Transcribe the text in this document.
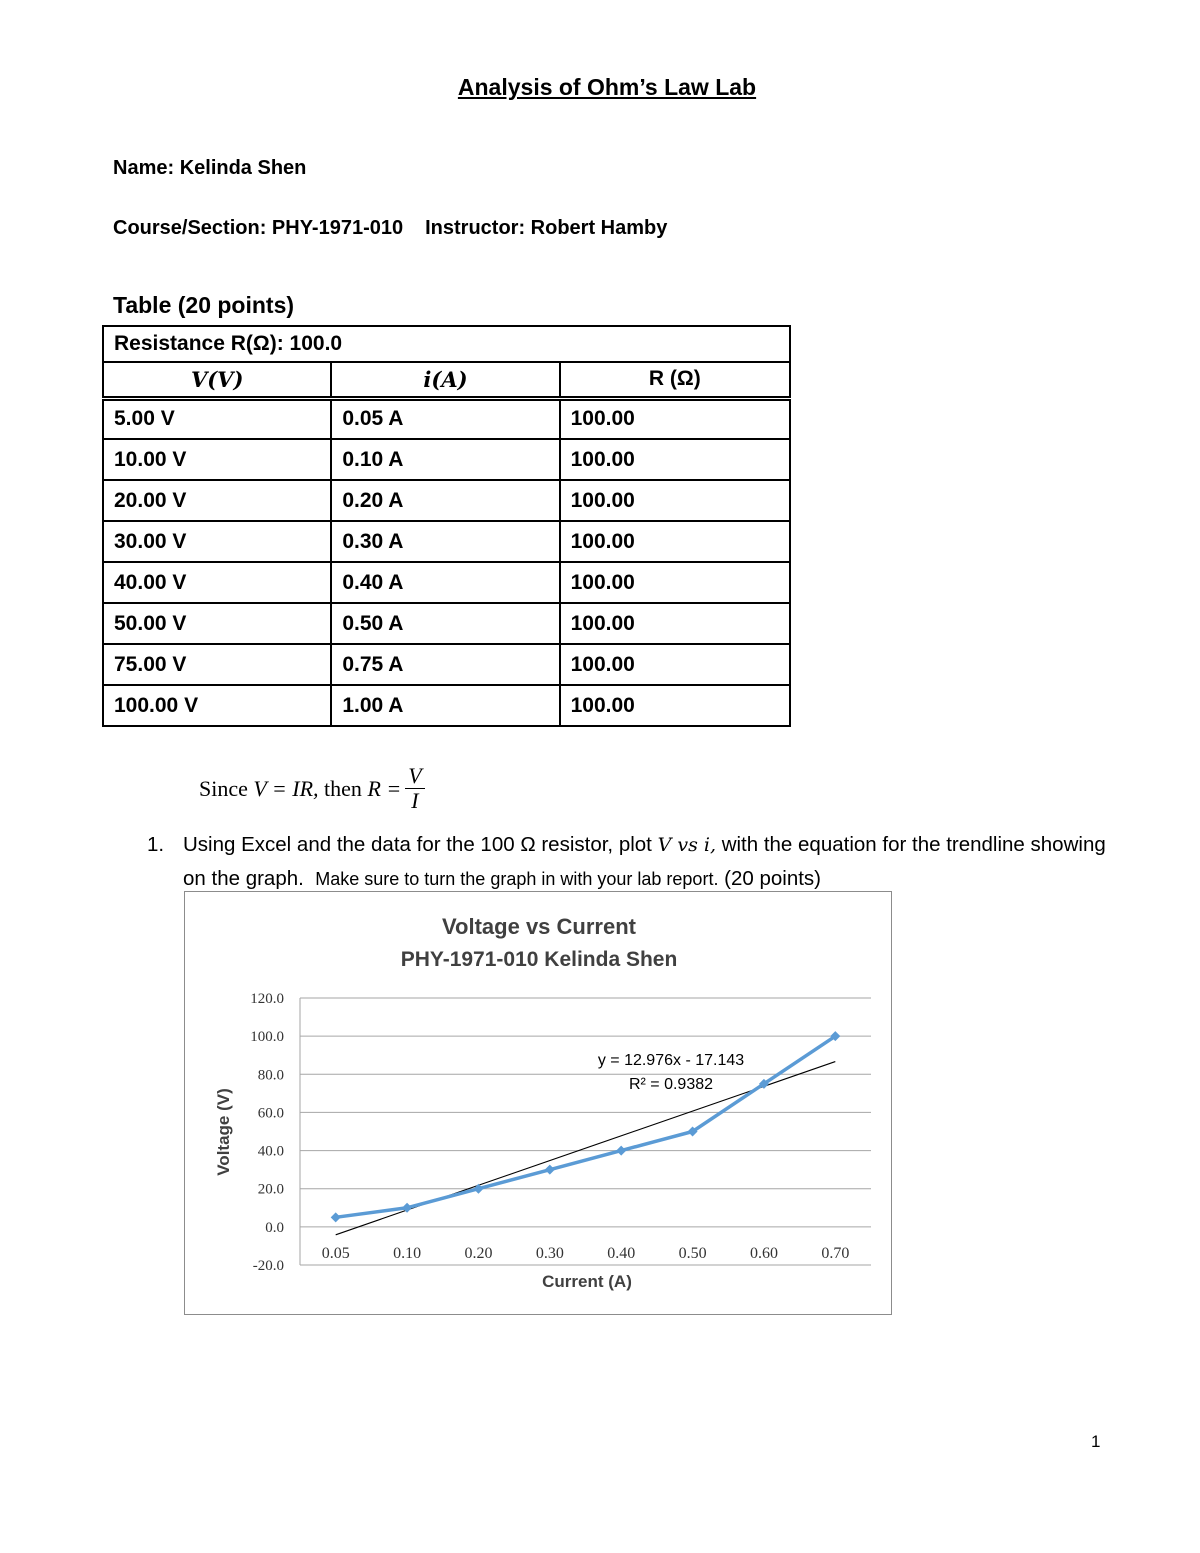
Analysis of Ohm’s Law Lab
Name: Kelinda Shen
Course/Section: PHY-1971-010 Instructor: Robert Hamby
Table (20 points)
Resistance R(Ω): 100.0		
V(V)	i(A)	R (Ω)
5.00 V	0.05 A	100.00
10.00 V	0.10 A	100.00
20.00 V	0.20 A	100.00
30.00 V	0.30 A	100.00
40.00 V	0.40 A	100.00
50.00 V	0.50 A	100.00
75.00 V	0.75 A	100.00
100.00 V	1.00 A	100.00
Since
V = IR,
then
$R = \frac{V}{I}$
1. Using Excel and the data for the 100 Ω resistor, plot V vs i, with the equation for the trendline showing on the graph. Make sure to turn the graph in with your lab report. (20 points)
Voltage vs Current
PHY-1971-010 Kelinda Shen
120.0
100.0
80.0
60.0
40.0
20.0
0.0
-20.0
0.05	0.10	0.20	0.30	0.40	0.50	0.60	0.70
y = 12.976x - 17.143
R² = 0.9382
Current (A)
Voltage (V)
1
